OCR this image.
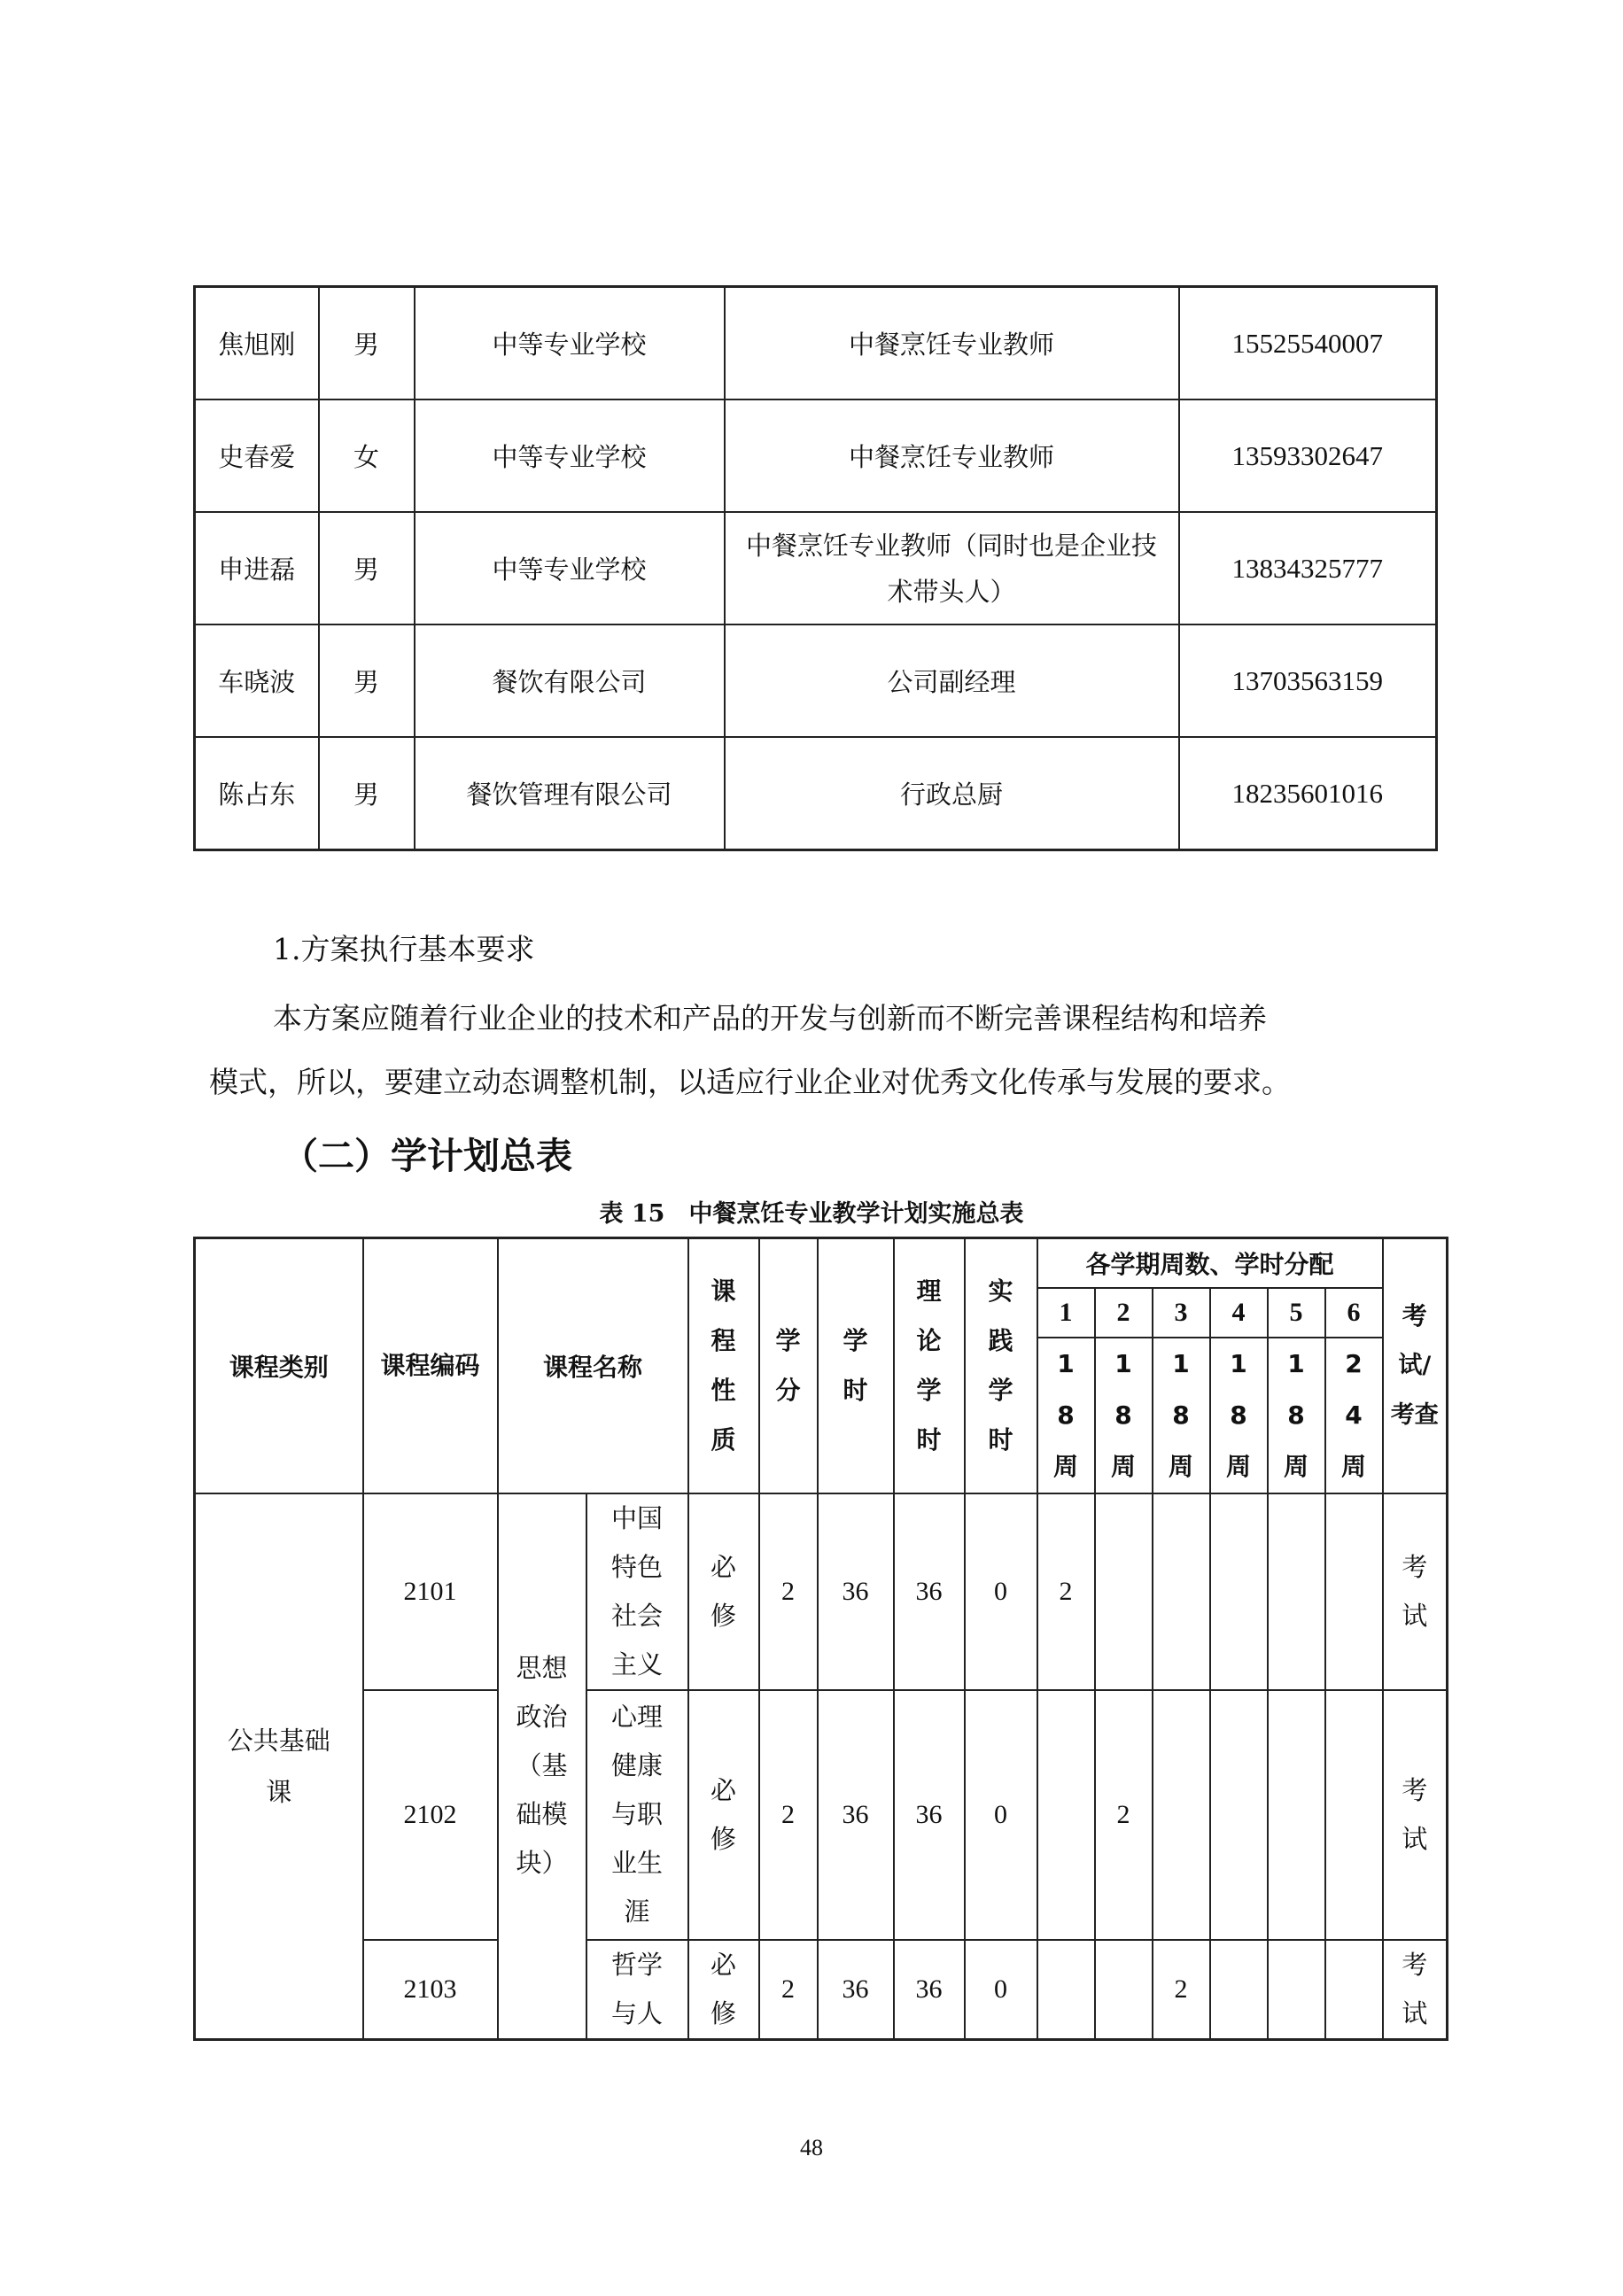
焦旭刚	男	中等专业学校	中餐烹饪专业教师	15525540007
史春爱	女	中等专业学校	中餐烹饪专业教师	13593302647
申进磊	男	中等专业学校	中餐烹饪专业教师（同时也是企业技术带头人）	13834325777
车晓波	男	餐饮有限公司	公司副经理	13703563159
陈占东	男	餐饮管理有限公司	行政总厨	18235601016
1.方案执行基本要求
本方案应随着行业企业的技术和产品的开发与创新而不断完善课程结构和培养
模式，所以，要建立动态调整机制，以适应行业企业对优秀文化传承与发展的要求。
（二）学计划总表
表 15　中餐烹饪专业教学计划实施总表
课程类别	课程编码	课程名称		课程性质	学分	学时	理论学时	实践学时	各学期周数、学时分配						考
试/考查

									1	2	3	4	5	6	

									18周	18周	18周	18周	18周	24周	

公共基础课	2101	思想政治（基础模块）	中国特色社会主义	必修	2	36	36	0	2						考试

	2102		心理健康与职业生涯	必修	2	36	36	0		2					考试

	2103		哲学与人	必修	2	36	36	0			2				考试
48
